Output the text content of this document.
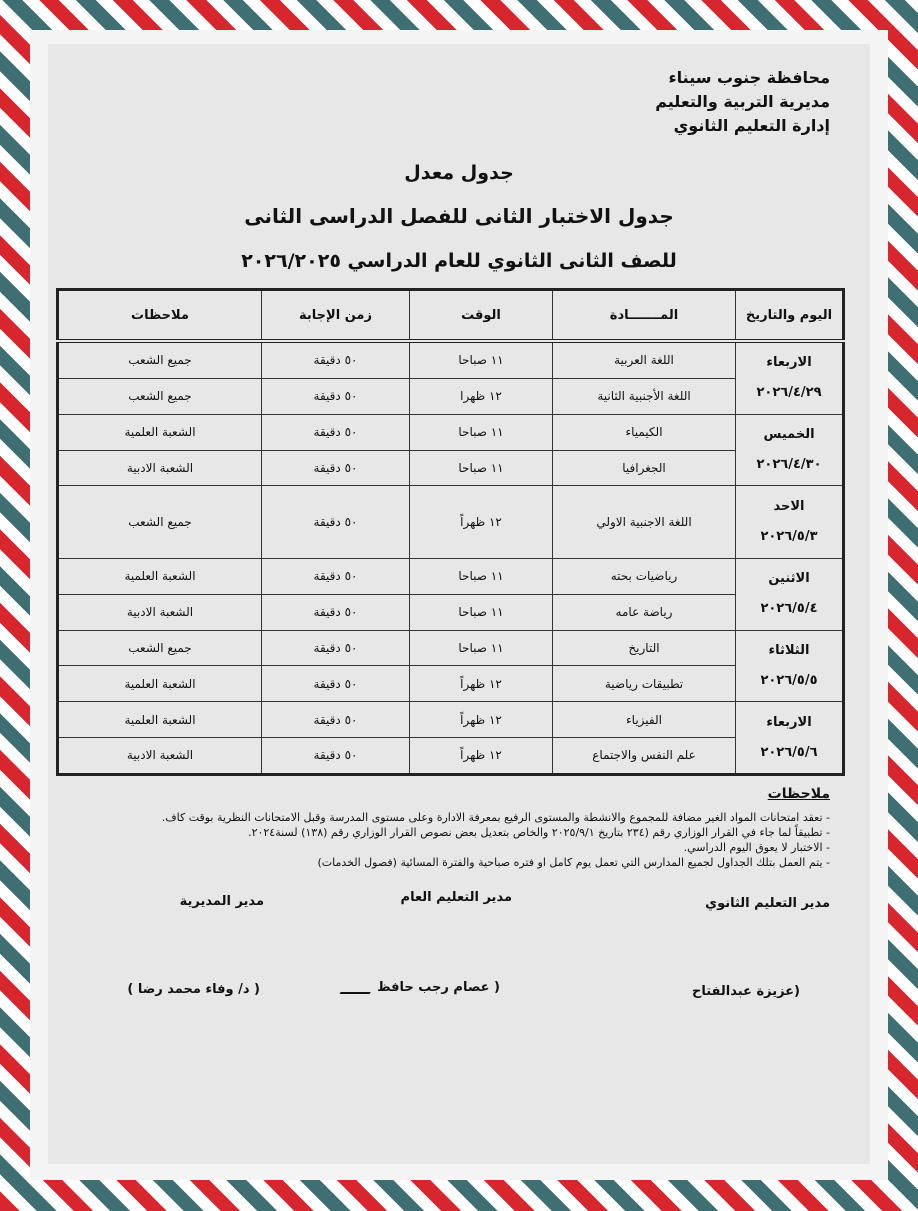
محافظة جنوب سيناء
مديرية التربية والتعليم
إدارة التعليم الثانوي
جدول معدل
جدول الاختبار الثانى للفصل الدراسى الثانى
للصف الثانى الثانوي للعام الدراسي ٢٠٢٦/٢٠٢٥
اليوم والتاريخ	المـــــــادة	الوقت	زمن الإجابة	ملاحظات

الاربعاء
٢٠٢٦/٤/٢٩	اللغة العربية	١١ صباحا	٥٠ دقيقة	جميع الشعب
	اللغة الأجنبية الثانية	١٢ ظهرا	٥٠ دقيقة	جميع الشعب

الخميس
٢٠٢٦/٤/٣٠	الكيمياء	١١ صباحا	٥٠ دقيقة	الشعبة العلمية
	الجغرافيا	١١ صباحا	٥٠ دقيقة	الشعبة الادبية

الاحد
٢٠٢٦/٥/٣	اللغة الاجنبية الاولي	١٢ ظهراً	٥٠ دقيقة	جميع الشعب

الاثنين
٢٠٢٦/٥/٤	رياضيات بحته	١١ صباحا	٥٠ دقيقة	الشعبة العلمية
	رياضة عامه	١١ صباحا	٥٠ دقيقة	الشعبة الادبية

الثلاثاء
٢٠٢٦/٥/٥	التاريخ	١١ صباحا	٥٠ دقيقة	جميع الشعب
	تطبيقات رياضية	١٢ ظهراً	٥٠ دقيقة	الشعبة العلمية

الاربعاء
٢٠٢٦/٥/٦	الفيزياء	١٢ ظهراً	٥٠ دقيقة	الشعبة العلمية
	علم النفس والاجتماع	١٢ ظهراً	٥٠ دقيقة	الشعبة الادبية
ملاحظات
- تعقد امتحانات المواد الغير مضافة للمجموع والانشطة والمستوى الرفيع بمعرفة الادارة وعلى مستوى المدرسة وقبل الامتحانات النظرية بوقت كاف.
- تطبيقاً لما جاء في القرار الوزاري رقم (٢٣٤ بتاريخ ٢٠٢٥/٩/١ والخاص بتعديل بعض نصوص القرار الوزاري رقم (١٣٨) لسنة٢٠٢٤.
- الاختبار لا يعوق اليوم الدراسي.
- يتم العمل بتلك الجداول لجميع المدارس التي تعمل يوم كامل او فتره صباحية والفترة المسائية (فصول الخدمات)
مدير التعليم الثانوي
مدير التعليم العام
مدير المديرية
(عزيزة عبدالفتاح
( عصام رجب حافظ
( د/ وفاء محمد رضا )
